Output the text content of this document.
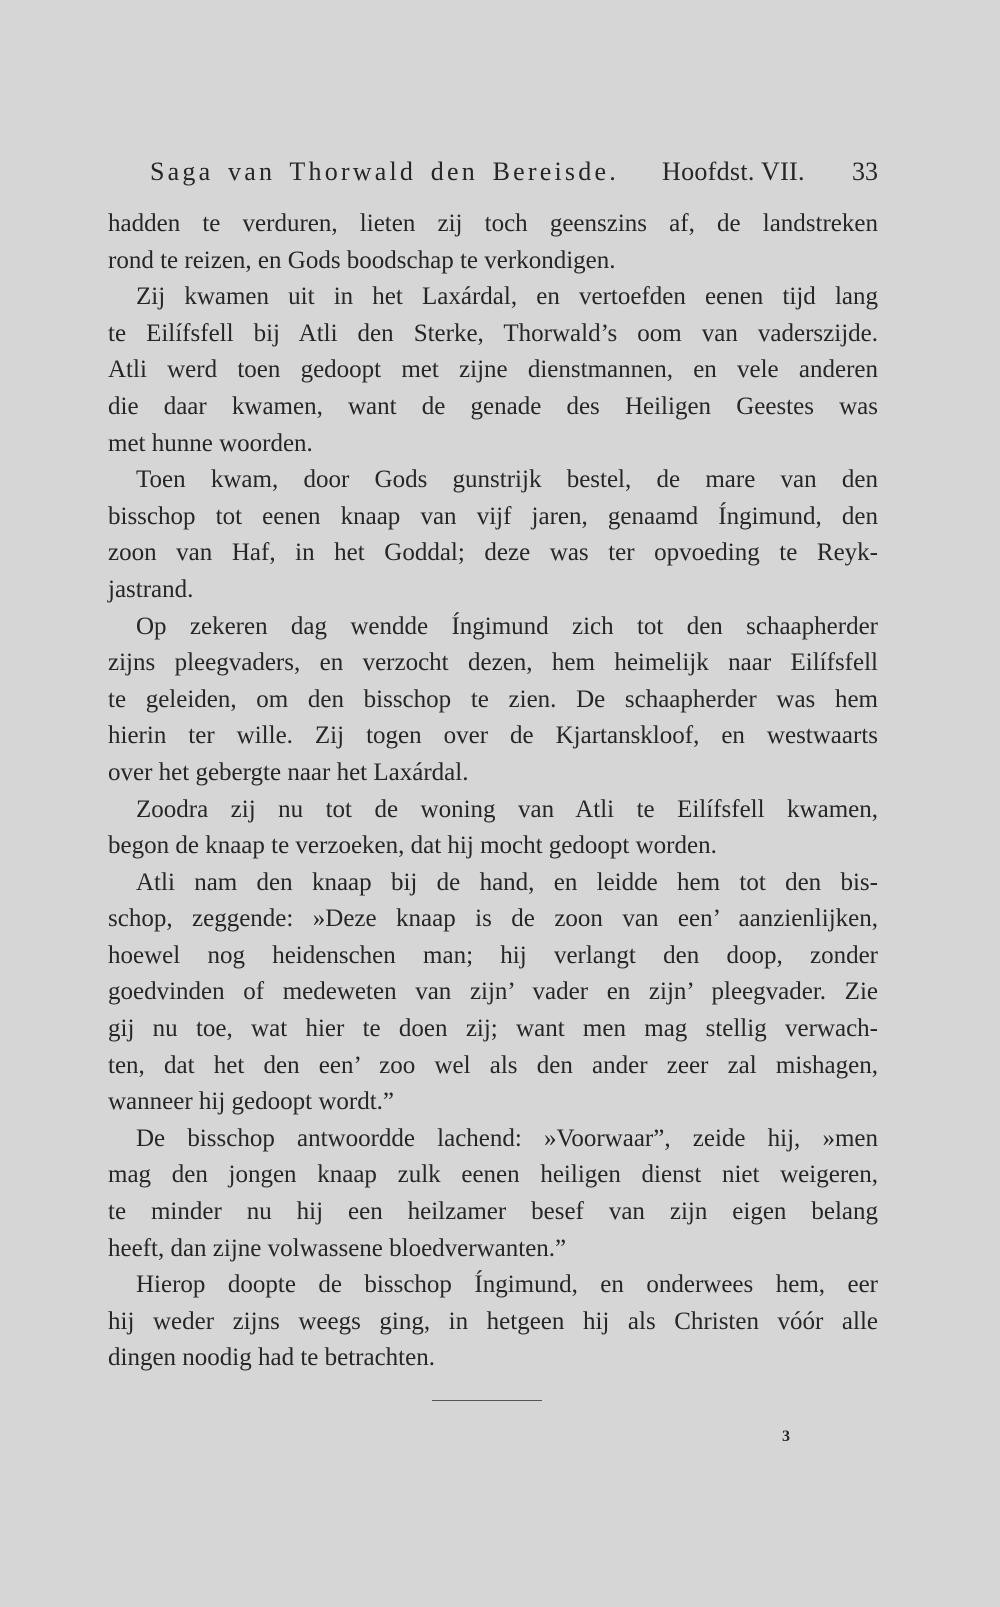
Saga van Thorwald den Bereisde. Hoofdst. VII. 33
hadden te verduren, lieten zij toch geenszins af, de landstreken
rond te reizen, en Gods boodschap te verkondigen.
Zij kwamen uit in het Laxárdal, en vertoefden eenen tijd lang
te Eilífsfell bij Atli den Sterke, Thorwald’s oom van vaderszijde.
Atli werd toen gedoopt met zijne dienstmannen, en vele anderen
die daar kwamen, want de genade des Heiligen Geestes was
met hunne woorden.
Toen kwam, door Gods gunstrijk bestel, de mare van den
bisschop tot eenen knaap van vijf jaren, genaamd Íngimund, den
zoon van Haf, in het Goddal; deze was ter opvoeding te Reyk-
jastrand.
Op zekeren dag wendde Íngimund zich tot den schaapherder
zijns pleegvaders, en verzocht dezen, hem heimelijk naar Eilífsfell
te geleiden, om den bisschop te zien. De schaapherder was hem
hierin ter wille. Zij togen over de Kjartanskloof, en westwaarts
over het gebergte naar het Laxárdal.
Zoodra zij nu tot de woning van Atli te Eilífsfell kwamen,
begon de knaap te verzoeken, dat hij mocht gedoopt worden.
Atli nam den knaap bij de hand, en leidde hem tot den bis-
schop, zeggende: »Deze knaap is de zoon van een’ aanzienlijken,
hoewel nog heidenschen man; hij verlangt den doop, zonder
goedvinden of medeweten van zijn’ vader en zijn’ pleegvader. Zie
gij nu toe, wat hier te doen zij; want men mag stellig verwach-
ten, dat het den een’ zoo wel als den ander zeer zal mishagen,
wanneer hij gedoopt wordt.”
De bisschop antwoordde lachend: »Voorwaar”, zeide hij, »men
mag den jongen knaap zulk eenen heiligen dienst niet weigeren,
te minder nu hij een heilzamer besef van zijn eigen belang
heeft, dan zijne volwassene bloedverwanten.”
Hierop doopte de bisschop Íngimund, en onderwees hem, eer
hij weder zijns weegs ging, in hetgeen hij als Christen vóór alle
dingen noodig had te betrachten.
3
